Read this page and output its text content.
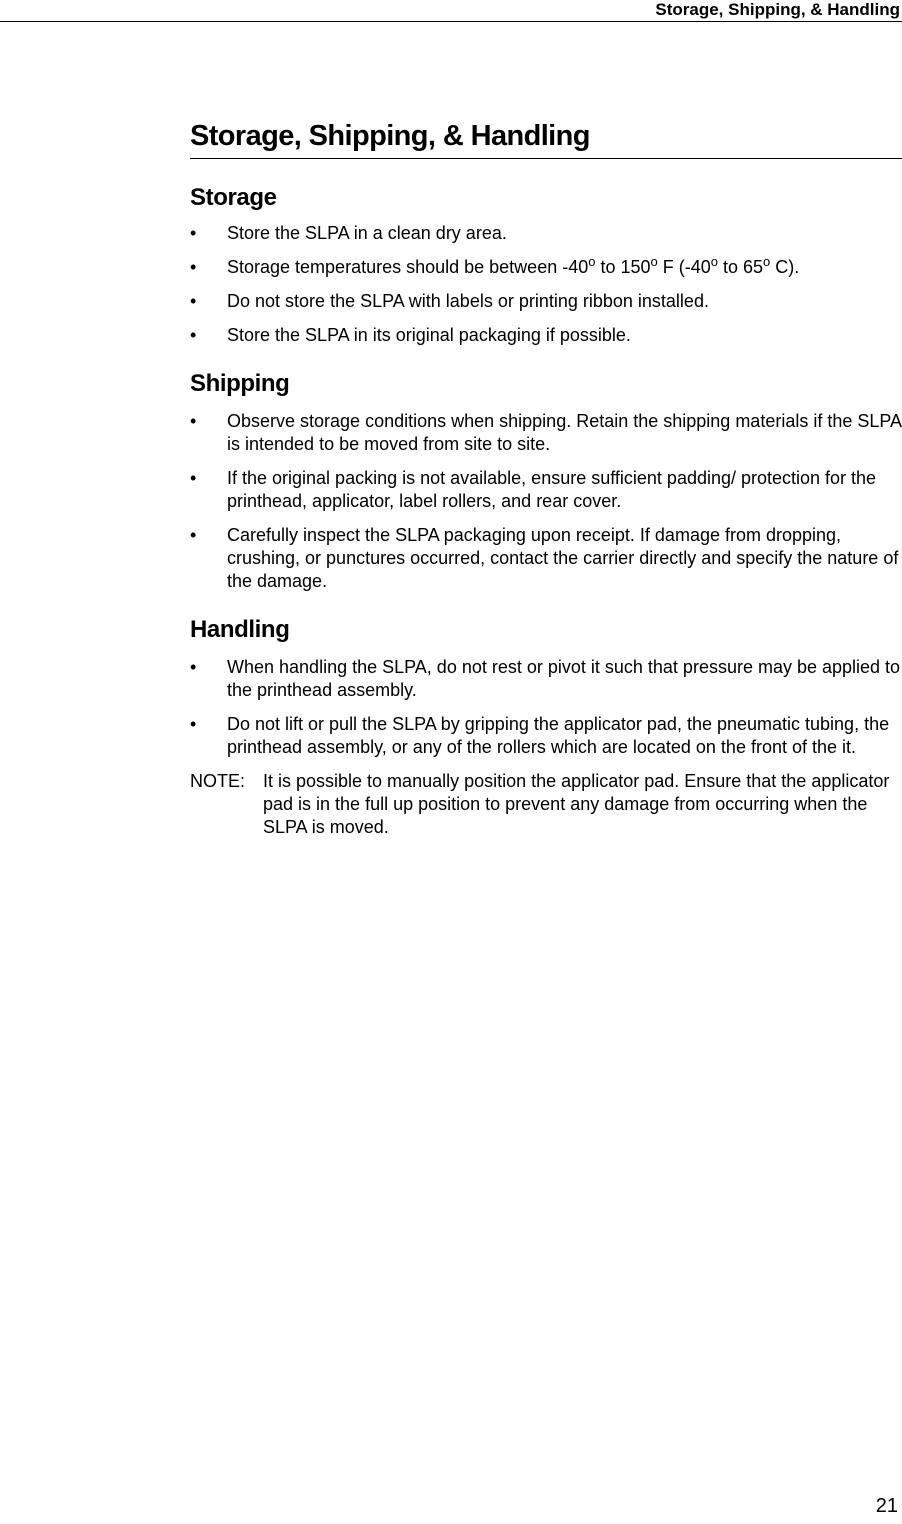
Storage, Shipping, & Handling
Storage, Shipping, & Handling
Storage
• Store the SLPA in a clean dry area.
• Storage temperatures should be between -40$^o$ to 150$^o$ F (-40$^o$ to 65$^o$ C).
• Do not store the SLPA with labels or printing ribbon installed.
• Store the SLPA in its original packaging if possible.
Shipping
• Observe storage conditions when shipping. Retain the shipping materials if the SLPA is intended to be moved from site to site.
• If the original packing is not available, ensure sufficient padding/ protection for the printhead, applicator, label rollers, and rear cover.
• Carefully inspect the SLPA packaging upon receipt. If damage from dropping, crushing, or punctures occurred, contact the carrier directly and specify the nature of the damage.
Handling
• When handling the SLPA, do not rest or pivot it such that pressure may be applied to the printhead assembly.
• Do not lift or pull the SLPA by gripping the applicator pad, the pneumatic tubing, the printhead assembly, or any of the rollers which are located on the front of the it.
NOTE: It is possible to manually position the applicator pad. Ensure that the applicator pad is in the full up position to prevent any damage from occurring when the SLPA is moved.
21
